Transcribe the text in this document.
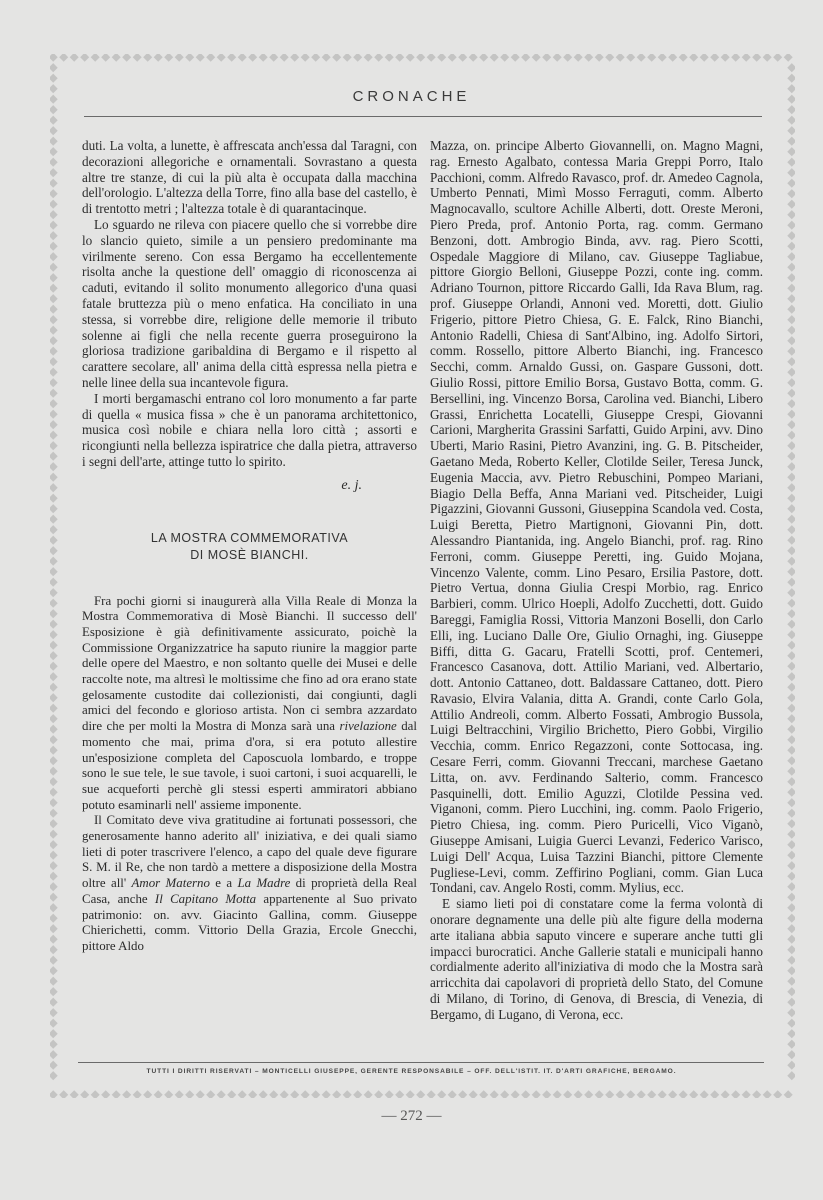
CRONACHE

duti. La volta, a lunette, è affrescata anch'essa dal Taragni, con decorazioni allegoriche e ornamentali. Sovrastano a questa altre tre stanze, di cui la più alta è occupata dalla macchina dell'orologio. L'altezza della Torre, fino alla base del castello, è di trentotto metri ; l'altezza totale è di quarantacinque.

Lo sguardo ne rileva con piacere quello che si vorrebbe dire lo slancio quieto, simile a un pensiero predominante ma virilmente sereno. Con essa Bergamo ha eccellentemente risolta anche la questione dell' omaggio di riconoscenza ai caduti, evitando il solito monumento allegorico d'una quasi fatale bruttezza più o meno enfatica. Ha conciliato in una stessa, si vorrebbe dire, religione delle memorie il tributo solenne ai figli che nella recente guerra proseguirono la gloriosa tradizione garibaldina di Bergamo e il rispetto al carattere secolare, all' anima della città espressa nella pietra e nelle linee della sua incantevole figura.

I morti bergamaschi entrano col loro monumento a far parte di quella « musica fissa » che è un panorama architettonico, musica così nobile e chiara nella loro città ; assorti e ricongiunti nella bellezza ispiratrice che dalla pietra, attraverso i segni dell'arte, attinge tutto lo spirito.

e. j.

LA MOSTRA COMMEMORATIVA
DI MOSÈ BIANCHI.

Fra pochi giorni si inaugurerà alla Villa Reale di Monza la Mostra Commemorativa di Mosè Bianchi. Il successo dell' Esposizione è già definitivamente assicurato, poichè la Commissione Organizzatrice ha saputo riunire la maggior parte delle opere del Maestro, e non soltanto quelle dei Musei e delle raccolte note, ma altresì le moltissime che fino ad ora erano state gelosamente custodite dai collezionisti, dai congiunti, dagli amici del fecondo e glorioso artista. Non ci sembra azzardato dire che per molti la Mostra di Monza sarà una rivelazione dal momento che mai, prima d'ora, si era potuto allestire un'esposizione completa del Caposcuola lombardo, e troppe sono le sue tele, le sue tavole, i suoi cartoni, i suoi acquarelli, le sue acqueforti perchè gli stessi esperti ammiratori abbiano potuto esaminarli nell' assieme imponente.

Il Comitato deve viva gratitudine ai fortunati possessori, che generosamente hanno aderito all' iniziativa, e dei quali siamo lieti di poter trascrivere l'elenco, a capo del quale deve figurare S. M. il Re, che non tardò a mettere a disposizione della Mostra oltre all' Amor Materno e a La Madre di proprietà della Real Casa, anche Il Capitano Motta appartenente al Suo privato patrimonio: on. avv. Giacinto Gallina, comm. Giuseppe Chierichetti, comm. Vittorio Della Grazia, Ercole Gnecchi, pittore Aldo

Mazza, on. principe Alberto Giovannelli, on. Magno Magni, rag. Ernesto Agalbato, contessa Maria Greppi Porro, Italo Pacchioni, comm. Alfredo Ravasco, prof. dr. Amedeo Cagnola, Umberto Pennati, Mimì Mosso Ferraguti, comm. Alberto Magnocavallo, scultore Achille Alberti, dott. Oreste Meroni, Piero Preda, prof. Antonio Porta, rag. comm. Germano Benzoni, dott. Ambrogio Binda, avv. rag. Piero Scotti, Ospedale Maggiore di Milano, cav. Giuseppe Tagliabue, pittore Giorgio Belloni, Giuseppe Pozzi, conte ing. comm. Adriano Tournon, pittore Riccardo Galli, Ida Rava Blum, rag. prof. Giuseppe Orlandi, Annoni ved. Moretti, dott. Giulio Frigerio, pittore Pietro Chiesa, G. E. Falck, Rino Bianchi, Antonio Radelli, Chiesa di Sant'Albino, ing. Adolfo Sirtori, comm. Rossello, pittore Alberto Bianchi, ing. Francesco Secchi, comm. Arnaldo Gussi, on. Gaspare Gussoni, dott. Giulio Rossi, pittore Emilio Borsa, Gustavo Botta, comm. G. Bersellini, ing. Vincenzo Borsa, Carolina ved. Bianchi, Libero Grassi, Enrichetta Locatelli, Giuseppe Crespi, Giovanni Carioni, Margherita Grassini Sarfatti, Guido Arpini, avv. Dino Uberti, Mario Rasini, Pietro Avanzini, ing. G. B. Pitscheider, Gaetano Meda, Roberto Keller, Clotilde Seiler, Teresa Junck, Eugenia Maccia, avv. Pietro Rebuschini, Pompeo Mariani, Biagio Della Beffa, Anna Mariani ved. Pitscheider, Luigi Pigazzini, Giovanni Gussoni, Giuseppina Scandola ved. Costa, Luigi Beretta, Pietro Martignoni, Giovanni Pin, dott. Alessandro Piantanida, ing. Angelo Bianchi, prof. rag. Rino Ferroni, comm. Giuseppe Peretti, ing. Guido Mojana, Vincenzo Valente, comm. Lino Pesaro, Ersilia Pastore, dott. Pietro Vertua, donna Giulia Crespi Morbio, rag. Enrico Barbieri, comm. Ulrico Hoepli, Adolfo Zucchetti, dott. Guido Bareggi, Famiglia Rossi, Vittoria Manzoni Boselli, don Carlo Elli, ing. Luciano Dalle Ore, Giulio Ornaghi, ing. Giuseppe Biffi, ditta G. Gacaru, Fratelli Scotti, prof. Centemeri, Francesco Casanova, dott. Attilio Mariani, ved. Albertario, dott. Antonio Cattaneo, dott. Baldassare Cattaneo, dott. Piero Ravasio, Elvira Valania, ditta A. Grandi, conte Carlo Gola, Attilio Andreoli, comm. Alberto Fossati, Ambrogio Bussola, Luigi Beltracchini, Virgilio Brichetto, Piero Gobbi, Virgilio Vecchia, comm. Enrico Regazzoni, conte Sottocasa, ing. Cesare Ferri, comm. Giovanni Treccani, marchese Gaetano Litta, on. avv. Ferdinando Salterio, comm. Francesco Pasquinelli, dott. Emilio Aguzzi, Clotilde Pessina ved. Viganoni, comm. Piero Lucchini, ing. comm. Paolo Frigerio, Pietro Chiesa, ing. comm. Piero Puricelli, Vico Viganò, Giuseppe Amisani, Luigia Guerci Levanzi, Federico Varisco, Luigi Dell' Acqua, Luisa Tazzini Bianchi, pittore Clemente Pugliese-Levi, comm. Zeffirino Pogliani, comm. Gian Luca Tondani, cav. Angelo Rosti, comm. Mylius, ecc.

E siamo lieti poi di constatare come la ferma volontà di onorare degnamente una delle più alte figure della moderna arte italiana abbia saputo vincere e superare anche tutti gli impacci burocratici. Anche Gallerie statali e municipali hanno cordialmente aderito all'iniziativa di modo che la Mostra sarà arricchita dai capolavori di proprietà dello Stato, del Comune di Milano, di Torino, di Genova, di Brescia, di Venezia, di Bergamo, di Lugano, di Verona, ecc.

TUTTI I DIRITTI RISERVATI – MONTICELLI GIUSEPPE, GERENTE RESPONSABILE – OFF. DELL'ISTIT. IT. D'ARTI GRAFICHE, BERGAMO.
— 272 —
